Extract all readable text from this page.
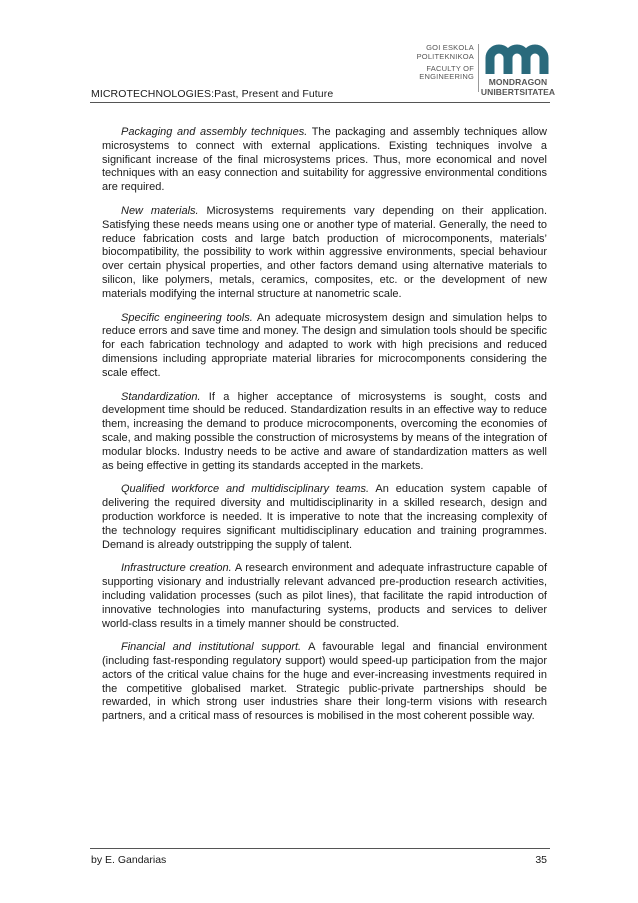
MICROTECHNOLOGIES:Past, Present and Future
GOI ESKOLA
POLITEKNIKOA
FACULTY OF
ENGINEERING
MONDRAGON
UNIBERTSITATEA

Packaging and assembly techniques. The packaging and assembly techniques allow microsystems to connect with external applications. Existing techniques involve a significant increase of the final microsystems prices. Thus, more economical and novel techniques with an easy connection and suitability for aggressive environmental conditions are required.

New materials. Microsystems requirements vary depending on their application. Satisfying these needs means using one or another type of material. Generally, the need to reduce fabrication costs and large batch production of microcomponents, materials’ biocompatibility, the possibility to work within aggressive environments, special behaviour over certain physical properties, and other factors demand using alternative materials to silicon, like polymers, metals, ceramics, composites, etc. or the development of new materials modifying the internal structure at nanometric scale.

Specific engineering tools. An adequate microsystem design and simulation helps to reduce errors and save time and money. The design and simulation tools should be specific for each fabrication technology and adapted to work with high precisions and reduced dimensions including appropriate material libraries for microcomponents considering the scale effect.

Standardization. If a higher acceptance of microsystems is sought, costs and development time should be reduced. Standardization results in an effective way to reduce them, increasing the demand to produce microcomponents, overcoming the economies of scale, and making possible the construction of microsystems by means of the integration of modular blocks. Industry needs to be active and aware of standardization matters as well as being effective in getting its standards accepted in the markets.

Qualified workforce and multidisciplinary teams. An education system capable of delivering the required diversity and multidisciplinarity in a skilled research, design and production workforce is needed. It is imperative to note that the increasing complexity of the technology requires significant multidisciplinary education and training programmes. Demand is already outstripping the supply of talent.

Infrastructure creation. A research environment and adequate infrastructure capable of supporting visionary and industrially relevant advanced pre-production research activities, including validation processes (such as pilot lines), that facilitate the rapid introduction of innovative technologies into manufacturing systems, products and services to deliver world-class results in a timely manner should be constructed.

Financial and institutional support. A favourable legal and financial environment (including fast-responding regulatory support) would speed-up participation from the major actors of the critical value chains for the huge and ever-increasing investments required in the competitive globalised market. Strategic public-private partnerships should be rewarded, in which strong user industries share their long-term visions with research partners, and a critical mass of resources is mobilised in the most coherent possible way.

by E. Gandarias	35
